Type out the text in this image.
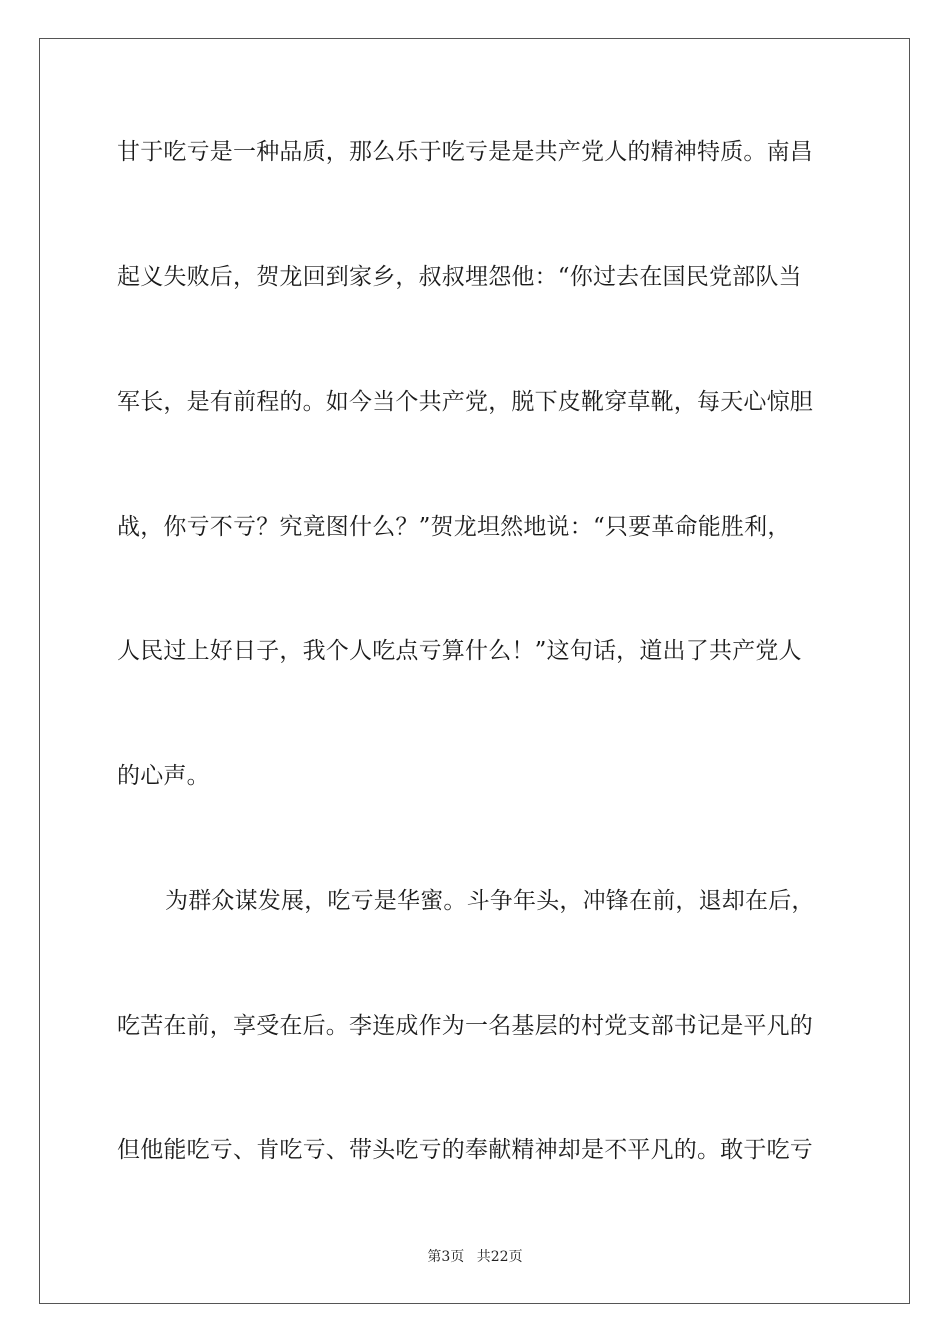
甘于吃亏是一种品质，那么乐于吃亏是是共产党人的精神特质。南昌
起义失败后，贺龙回到家乡，叔叔埋怨他：“你过去在国民党部队当
军长，是有前程的。如今当个共产党，脱下皮靴穿草靴，每天心惊胆
战，你亏不亏？究竟图什么？”贺龙坦然地说：“只要革命能胜利，
人民过上好日子，我个人吃点亏算什么！”这句话，道出了共产党人
的心声。
为群众谋发展，吃亏是华蜜。斗争年头，冲锋在前，退却在后，
吃苦在前，享受在后。李连成作为一名基层的村党支部书记是平凡的
但他能吃亏、肯吃亏、带头吃亏的奉献精神却是不平凡的。敢于吃亏
第3页 共22页
